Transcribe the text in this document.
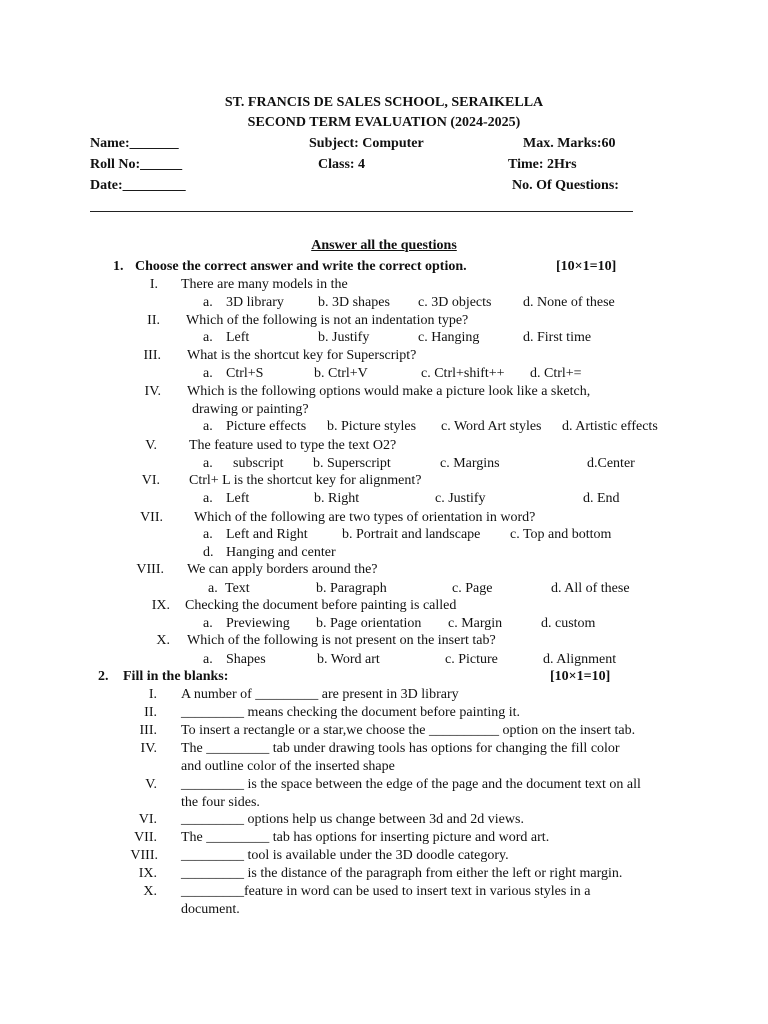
ST. FRANCIS DE SALES SCHOOL, SERAIKELLA
SECOND TERM EVALUATION (2024-2025)
Name:_______	Subject: Computer	Max. Marks:60
Roll No:______	Class: 4	Time: 2Hrs
Date:_________	No. Of Questions:
Answer all the questions
1. Choose the correct answer and write the correct option.	[10×1=10]
I. There are many models in the
a. 3D library b. 3D shapes c. 3D objects d. None of these
II. Which of the following is not an indentation type?
a. Left	b. Justify	c. Hanging	d. First time
III. What is the shortcut key for Superscript?
a. Ctrl+S	b. Ctrl+V	c. Ctrl+shift++ d. Ctrl+=
IV. Which is the following options would make a picture look like a sketch,
drawing or painting?
a. Picture effects b. Picture styles c. Word Art styles d. Artistic effects
V. The feature used to type the text O2?
a. subscript b. Superscript	c. Margins	d.Center
VI. Ctrl+ L is the shortcut key for alignment?
a. Left	b. Right	c. Justify	d. End
VII. Which of the following are two types of orientation in word?
a. Left and Right b. Portrait and landscape c. Top and bottom
d. Hanging and center
VIII. We can apply borders around the?
a. Text	b. Paragraph	c. Page	d. All of these
IX. Checking the document before painting is called
a. Previewing b. Page orientation c. Margin	d. custom
X. Which of the following is not present on the insert tab?
a. Shapes	b. Word art	c. Picture	d. Alignment
2. Fill in the blanks:	[10×1=10]
I. A number of _________ are present in 3D library
II. _________ means checking the document before painting it.
III. To insert a rectangle or a star,we choose the __________ option on the insert tab.
IV. The _________ tab under drawing tools has options for changing the fill color
and outline color of the inserted shape
V. _________ is the space between the edge of the page and the document text on all
the four sides.
VI. _________ options help us change between 3d and 2d views.
VII. The _________ tab has options for inserting picture and word art.
VIII. _________ tool is available under the 3D doodle category.
IX. _________ is the distance of the paragraph from either the left or right margin.
X. _________feature in word can be used to insert text in various styles in a
document.
